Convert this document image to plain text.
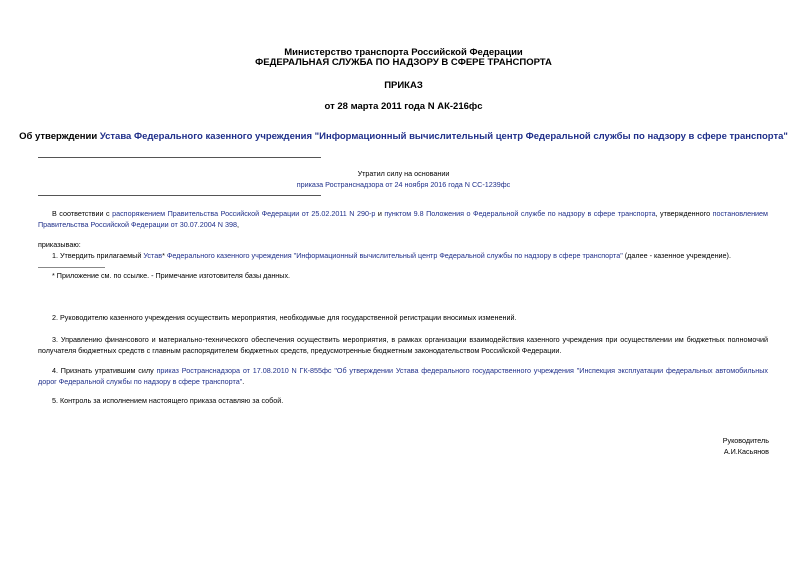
Министерство транспорта Российской Федерации
ФЕДЕРАЛЬНАЯ СЛУЖБА ПО НАДЗОРУ В СФЕРЕ ТРАНСПОРТА
ПРИКАЗ
от 28 марта 2011 года N АК-216фс
Об утверждении Устава Федерального казенного учреждения "Информационный вычислительный центр Федеральной службы по надзору в сфере транспорта"
Утратил силу на основании
приказа Ространснадзора от 24 ноября 2016 года N СС-1239фс
В соответствии с распоряжением Правительства Российской Федерации от 25.02.2011 N 290-р и пунктом 9.8 Положения о Федеральной службе по надзору в сфере транспорта, утвержденного постановлением Правительства Российской Федерации от 30.07.2004 N 398,
приказываю:
1. Утвердить прилагаемый Устав* Федерального казенного учреждения "Информационный вычислительный центр Федеральной службы по надзору в сфере транспорта" (далее - казенное учреждение).
* Приложение см. по ссылке. - Примечание изготовителя базы данных.
2. Руководителю казенного учреждения осуществить мероприятия, необходимые для государственной регистрации вносимых изменений.
3. Управлению финансового и материально-технического обеспечения осуществить мероприятия, в рамках организации взаимодействия казенного учреждения при осуществлении им бюджетных полномочий получателя бюджетных средств с главным распорядителем бюджетных средств, предусмотренные бюджетным законодательством Российской Федерации.
4. Признать утратившим силу приказ Ространснадзора от 17.08.2010 N ГК-855фс "Об утверждении Устава федерального государственного учреждения "Инспекция эксплуатации федеральных автомобильных дорог Федеральной службы по надзору в сфере транспорта".
5. Контроль за исполнением настоящего приказа оставляю за собой.
Руководитель
А.И.Касьянов
